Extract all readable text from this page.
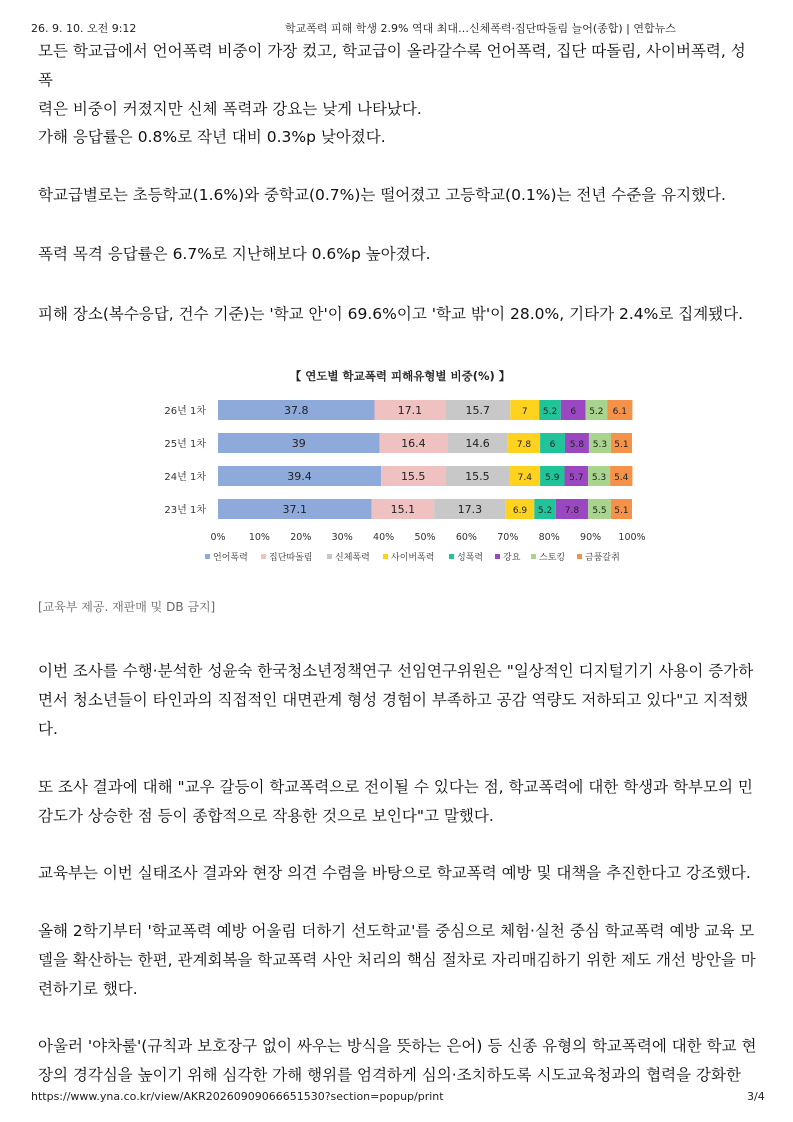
26. 9. 10. 오전 9:12	학교폭력 피해 학생 2.9% 역대 최대…신체폭력·집단따돌림 늘어(종합) | 연합뉴스
모든 학교급에서 언어폭력 비중이 가장 컸고, 학교급이 올라갈수록 언어폭력, 집단 따돌림, 사이버폭력, 성폭
력은 비중이 커졌지만 신체 폭력과 강요는 낮게 나타났다.
가해 응답률은 0.8%로 작년 대비 0.3%p 낮아졌다.
학교급별로는 초등학교(1.6%)와 중학교(0.7%)는 떨어졌고 고등학교(0.1%)는 전년 수준을 유지했다.
폭력 목격 응답률은 6.7%로 지난해보다 0.6%p 높아졌다.
피해 장소(복수응답, 건수 기준)는 '학교 안'이 69.6%이고 '학교 밖'이 28.0%, 기타가 2.4%로 집계됐다.
【 연도별 학교폭력 피해유형별 비중(%) 】
26년 1차	37.8	17.1	15.7	7 5.2 6 5.2 6.1
25년 1차	39	16.4	14.6	7.8 6 5.8 5.3 5.1
24년 1차	39.4	15.5	15.5	7.4 5.9 5.7 5.3 5.4
23년 1차	37.1	15.1	17.3	6.9 5.2 7.8 5.5 5.1
0% 10% 20% 30% 40% 50% 60% 70% 80% 90% 100%
언어폭력 집단따돌림	신체폭력 사이버폭력	성폭력 강요 스토킹 금품갈취
[교육부 제공. 재판매 및 DB 금지]
이번 조사를 수행·분석한 성윤숙 한국청소년정책연구 선임연구위원은 "일상적인 디지털기기 사용이 증가하
면서 청소년들이 타인과의 직접적인 대면관계 형성 경험이 부족하고 공감 역량도 저하되고 있다"고 지적했
다.
또 조사 결과에 대해 "교우 갈등이 학교폭력으로 전이될 수 있다는 점, 학교폭력에 대한 학생과 학부모의 민
감도가 상승한 점 등이 종합적으로 작용한 것으로 보인다"고 말했다.
교육부는 이번 실태조사 결과와 현장 의견 수렴을 바탕으로 학교폭력 예방 및 대책을 추진한다고 강조했다.
올해 2학기부터 '학교폭력 예방 어울림 더하기 선도학교'를 중심으로 체험·실천 중심 학교폭력 예방 교육 모
델을 확산하는 한편, 관계회복을 학교폭력 사안 처리의 핵심 절차로 자리매김하기 위한 제도 개선 방안을 마
련하기로 했다.
아울러 '야차룰'(규칙과 보호장구 없이 싸우는 방식을 뜻하는 은어) 등 신종 유형의 학교폭력에 대한 학교 현
장의 경각심을 높이기 위해 심각한 가해 행위를 엄격하게 심의·조치하도록 시도교육청과의 협력을 강화한
https://www.yna.co.kr/view/AKR20260909066651530?section=popup/print	3/4
